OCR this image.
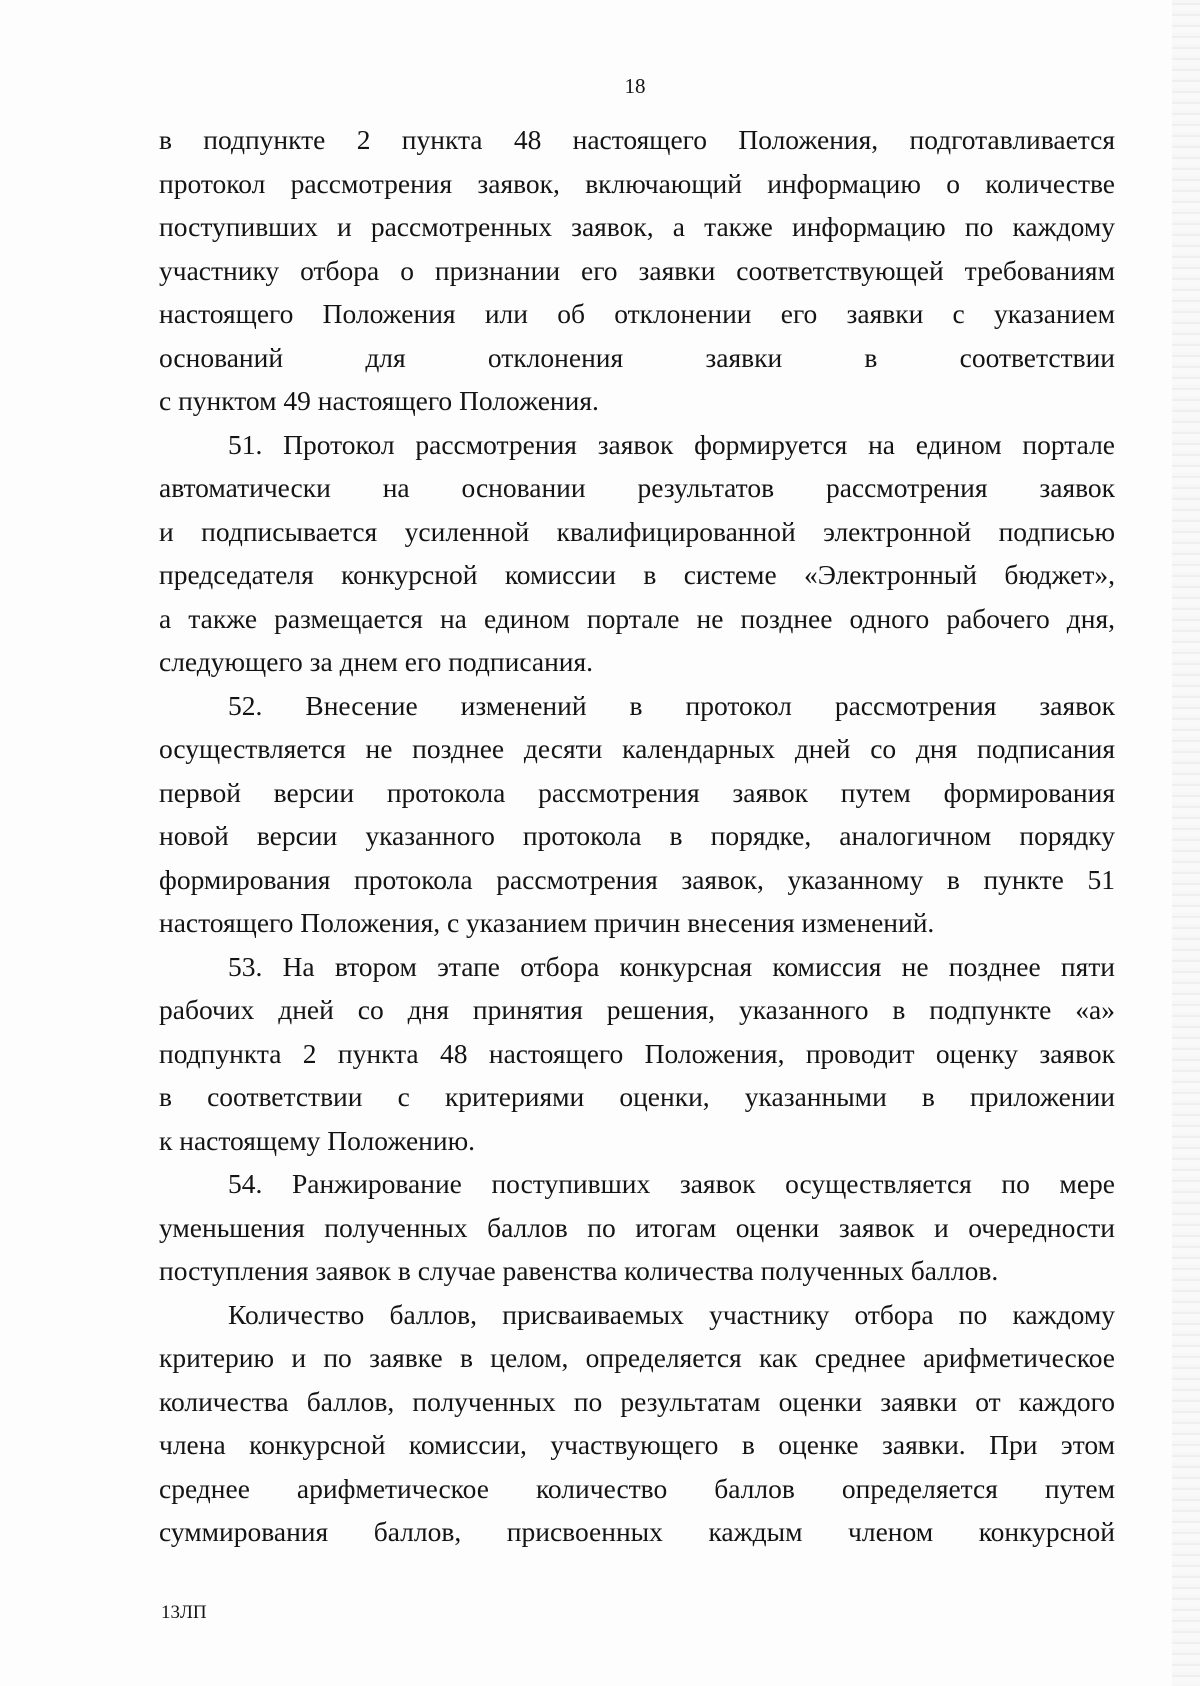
18
в подпункте 2 пункта 48 настоящего Положения, подготавливается
протокол рассмотрения заявок, включающий информацию о количестве
поступивших и рассмотренных заявок, а также информацию по каждому
участнику отбора о признании его заявки соответствующей требованиям
настоящего Положения или об отклонении его заявки с указанием
оснований для отклонения заявки в соответствии
с пунктом 49 настоящего Положения.
51. Протокол рассмотрения заявок формируется на едином портале
автоматически на основании результатов рассмотрения заявок
и подписывается усиленной квалифицированной электронной подписью
председателя конкурсной комиссии в системе «Электронный бюджет»,
а также размещается на едином портале не позднее одного рабочего дня,
следующего за днем его подписания.
52. Внесение изменений в протокол рассмотрения заявок
осуществляется не позднее десяти календарных дней со дня подписания
первой версии протокола рассмотрения заявок путем формирования
новой версии указанного протокола в порядке, аналогичном порядку
формирования протокола рассмотрения заявок, указанному в пункте 51
настоящего Положения, с указанием причин внесения изменений.
53. На втором этапе отбора конкурсная комиссия не позднее пяти
рабочих дней со дня принятия решения, указанного в подпункте «а»
подпункта 2 пункта 48 настоящего Положения, проводит оценку заявок
в соответствии с критериями оценки, указанными в приложении
к настоящему Положению.
54. Ранжирование поступивших заявок осуществляется по мере
уменьшения полученных баллов по итогам оценки заявок и очередности
поступления заявок в случае равенства количества полученных баллов.
Количество баллов, присваиваемых участнику отбора по каждому
критерию и по заявке в целом, определяется как среднее арифметическое
количества баллов, полученных по результатам оценки заявки от каждого
члена конкурсной комиссии, участвующего в оценке заявки. При этом
среднее арифметическое количество баллов определяется путем
суммирования баллов, присвоенных каждым членом конкурсной
13ЛП
